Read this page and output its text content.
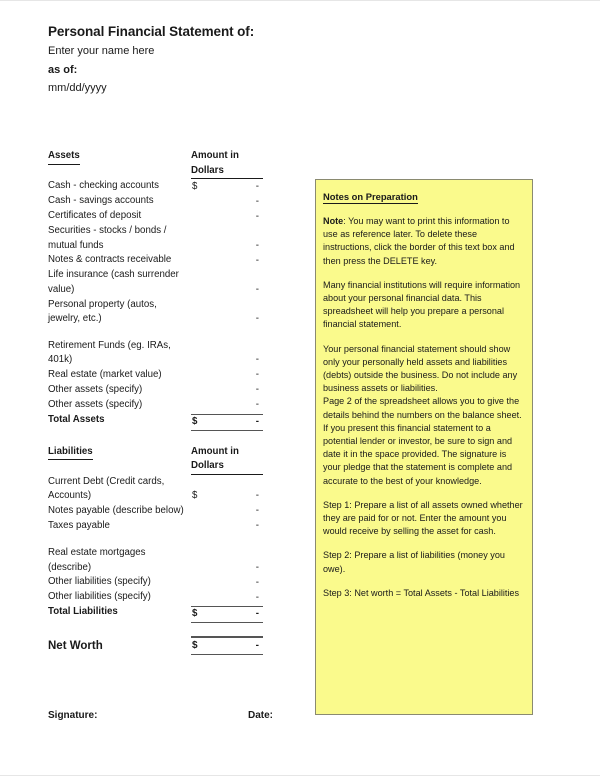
Personal Financial Statement of:
Enter your name here
as of:
mm/dd/yyyy
Assets	Amount in Dollars
Cash - checking accounts	$	-
Cash - savings accounts	-
Certificates of deposit	-
Securities - stocks / bonds / mutual funds	-
Notes & contracts receivable	-
Life insurance (cash surrender value)	-
Personal property (autos, jewelry, etc.)	-
Retirement Funds (eg. IRAs, 401k)	-
Real estate (market value)	-
Other assets (specify)	-
Other assets (specify)	-
Total Assets	$	-
Liabilities	Amount in Dollars
Current Debt (Credit cards, Accounts)	$	-
Notes payable (describe below)	-
Taxes payable	-
Real estate mortgages (describe)	-
Other liabilities (specify)	-
Other liabilities (specify)	-
Total Liabilities	$	-
Net Worth	$	-
Notes on Preparation

Note: You may want to print this information to use as reference later. To delete these instructions, click the border of this text box and then press the DELETE key.

Many financial institutions will require information about your personal financial data. This spreadsheet will help you prepare a personal financial statement.

Your personal financial statement should show only your personally held assets and liabilities (debts) outside the business. Do not include any business assets or liabilities.

Page 2 of the spreadsheet allows you to give the details behind the numbers on the balance sheet.

If you present this financial statement to a potential lender or investor, be sure to sign and date it in the space provided. The signature is your pledge that the statement is complete and accurate to the best of your knowledge.

Step 1: Prepare a list of all assets owned whether they are paid for or not. Enter the amount you would receive by selling the asset for cash.

Step 2: Prepare a list of liabilities (money you owe).

Step 3: Net worth = Total Assets - Total Liabilities

Signature:	Date:
